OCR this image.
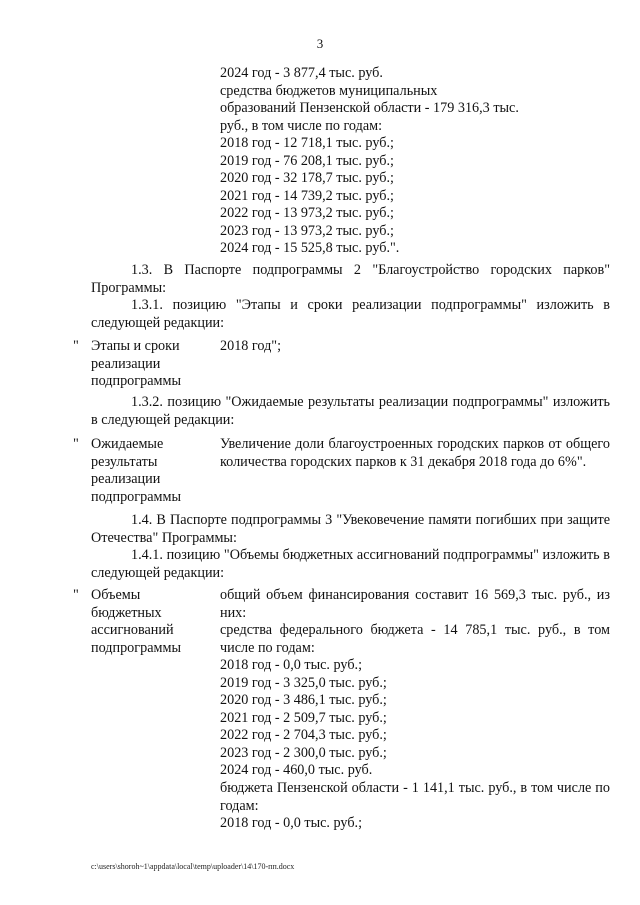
3
2024 год - 3 877,4 тыс. руб.
средства бюджетов муниципальных
образований Пензенской области - 179 316,3 тыс.
руб., в том числе по годам:
2018 год - 12 718,1 тыс. руб.;
2019 год - 76 208,1 тыс. руб.;
2020 год - 32 178,7 тыс. руб.;
2021 год - 14 739,2 тыс. руб.;
2022 год - 13 973,2 тыс. руб.;
2023 год - 13 973,2 тыс. руб.;
2024 год - 15 525,8 тыс. руб.".
1.3. В Паспорте подпрограммы 2 "Благоустройство городских парков" Программы:
1.3.1. позицию "Этапы и сроки реализации подпрограммы" изложить в следующей редакции:
" Этапы и сроки
реализации
подпрограммы
2018 год";
1.3.2. позицию "Ожидаемые результаты реализации подпрограммы" изложить в следующей редакции:
" Ожидаемые
результаты
реализации
подпрограммы
Увеличение доли благоустроенных городских парков от общего количества городских парков к 31 декабря 2018 года до 6%".
1.4. В Паспорте подпрограммы 3 "Увековечение памяти погибших при защите Отечества" Программы:
1.4.1. позицию "Объемы бюджетных ассигнований подпрограммы" изложить в следующей редакции:
" Объемы
бюджетных
ассигнований
подпрограммы
общий объем финансирования составит 16 569,3 тыс. руб., из них:
средства федерального бюджета - 14 785,1 тыс. руб., в том числе по годам:
2018 год - 0,0 тыс. руб.;
2019 год - 3 325,0 тыс. руб.;
2020 год - 3 486,1 тыс. руб.;
2021 год - 2 509,7 тыс. руб.;
2022 год - 2 704,3 тыс. руб.;
2023 год - 2 300,0 тыс. руб.;
2024 год - 460,0 тыс. руб.
бюджета Пензенской области - 1 141,1 тыс. руб., в том числе по годам:
2018 год - 0,0 тыс. руб.;
c:\users\shoroh~1\appdata\local\temp\uploader\14\170-пп.docx
